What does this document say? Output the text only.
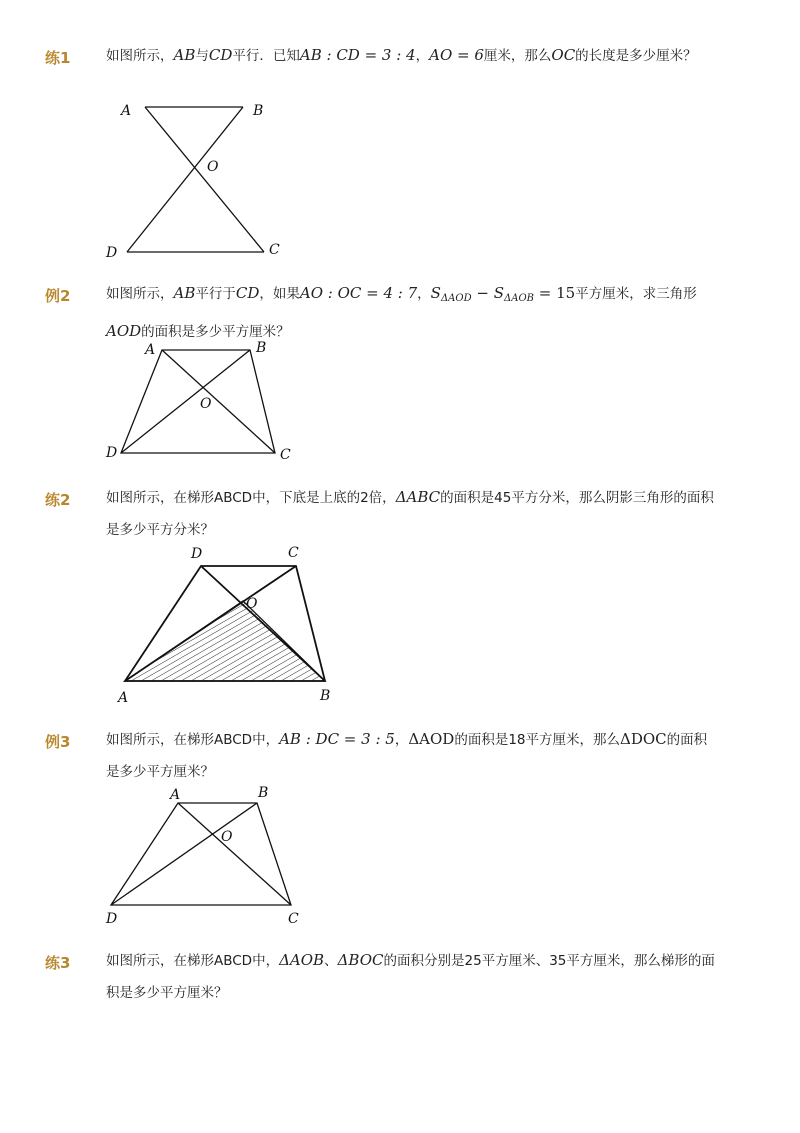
练1	如图所示，AB与CD平行．已知AB : CD = 3 : 4，AO = 6厘米，那么OC的长度是多少厘米？
A	B
O
D	C
例2	如图所示，AB平行于CD，如果AO : OC = 4 : 7，$S_{\Delta AOD} - S_{\Delta AOB} = 15$平方厘米，求三角形AOD的面积是多少平方厘米？
A	B
O
D	C
练2	如图所示，在梯形ABCD中，下底是上底的2倍，ΔABC的面积是45平方分米，那么阴影三角形的面积是多少平方分米？
D	C
O
A	B
例3	如图所示，在梯形ABCD中，AB : DC = 3 : 5，ΔAOD的面积是18平方厘米，那么ΔDOC的面积是多少平方厘米？
A	B
O
D	C
练3	如图所示，在梯形ABCD中，ΔAOB、ΔBOC的面积分别是25平方厘米、35平方厘米，那么梯形的面积是多少平方厘米？
